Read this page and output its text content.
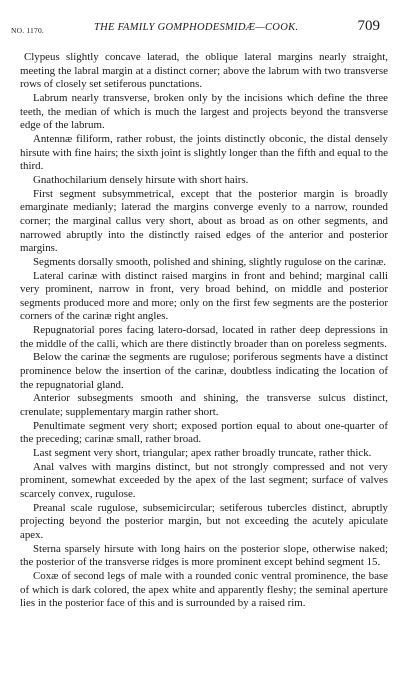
NO. 1170.	THE FAMILY GOMPHODESMIDÆ—COOK.	709

Clypeus slightly concave laterad, the oblique lateral margins nearly straight, meeting the labral margin at a distinct corner; above the labrum with two transverse rows of closely set setiferous punctations.

Labrum nearly transverse, broken only by the incisions which define the three teeth, the median of which is much the largest and projects beyond the transverse edge of the labrum.

Antennæ filiform, rather robust, the joints distinctly obconic, the distal densely hirsute with fine hairs; the sixth joint is slightly longer than the fifth and equal to the third.

Gnathochilarium densely hirsute with short hairs.

First segment subsymmetrical, except that the posterior margin is broadly emarginate medianly; laterad the margins converge evenly to a narrow, rounded corner; the marginal callus very short, about as broad as on other segments, and narrowed abruptly into the distinctly raised edges of the anterior and posterior margins.

Segments dorsally smooth, polished and shining, slightly rugulose on the carinæ.

Lateral carinæ with distinct raised margins in front and behind; marginal calli very prominent, narrow in front, very broad behind, on middle and posterior segments produced more and more; only on the first few segments are the posterior corners of the carinæ right angles.

Repugnatorial pores facing latero-dorsad, located in rather deep depressions in the middle of the calli, which are there distinctly broader than on poreless segments.

Below the carinæ the segments are rugulose; poriferous segments have a distinct prominence below the insertion of the carinæ, doubtless indicating the location of the repugnatorial gland.

Anterior subsegments smooth and shining, the transverse sulcus distinct, crenulate; supplementary margin rather short.

Penultimate segment very short; exposed portion equal to about one-quarter of the preceding; carinæ small, rather broad.

Last segment very short, triangular; apex rather broadly truncate, rather thick.

Anal valves with margins distinct, but not strongly compressed and not very prominent, somewhat exceeded by the apex of the last segment; surface of valves scarcely convex, rugulose.

Preanal scale rugulose, subsemicircular; setiferous tubercles distinct, abruptly projecting beyond the posterior margin, but not exceeding the acutely apiculate apex.

Sterna sparsely hirsute with long hairs on the posterior slope, otherwise naked; the posterior of the transverse ridges is more prominent except behind segment 15.

Coxæ of second legs of male with a rounded conic ventral prominence, the base of which is dark colored, the apex white and apparently fleshy; the seminal aperture lies in the posterior face of this and is surrounded by a raised rim.
